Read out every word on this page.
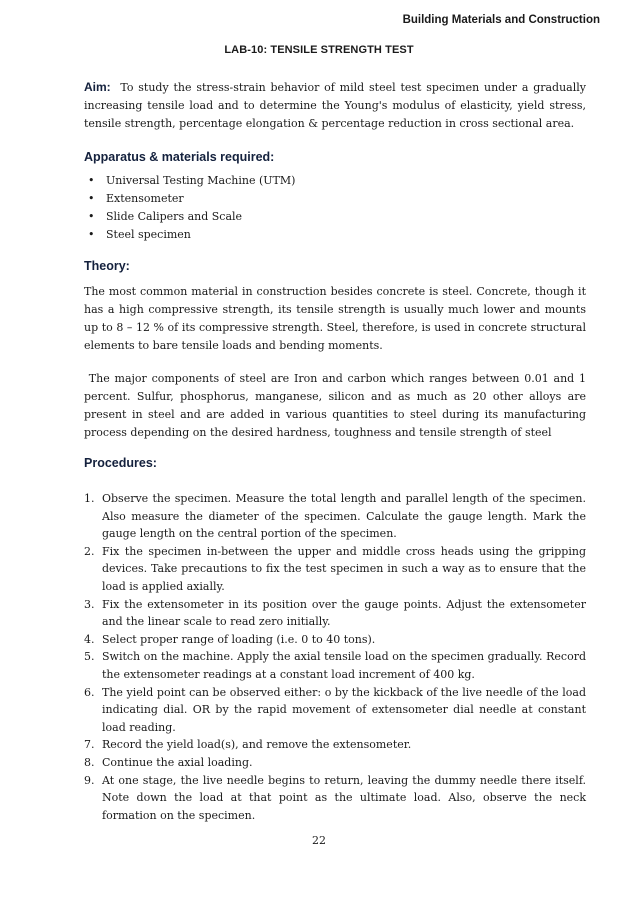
Building Materials and Construction
LAB-10: TENSILE STRENGTH TEST

Aim: To study the stress-strain behavior of mild steel test specimen under a gradually increasing tensile load and to determine the Young's modulus of elasticity, yield stress, tensile strength, percentage elongation & percentage reduction in cross sectional area.

Apparatus & materials required:

• Universal Testing Machine (UTM)
• Extensometer
• Slide Calipers and Scale
• Steel specimen

Theory:

The most common material in construction besides concrete is steel. Concrete, though it has a high compressive strength, its tensile strength is usually much lower and mounts up to 8 – 12 % of its compressive strength. Steel, therefore, is used in concrete structural elements to bare tensile loads and bending moments.

The major components of steel are Iron and carbon which ranges between 0.01 and 1 percent. Sulfur, phosphorus, manganese, silicon and as much as 20 other alloys are present in steel and are added in various quantities to steel during its manufacturing process depending on the desired hardness, toughness and tensile strength of steel

Procedures:

1. Observe the specimen. Measure the total length and parallel length of the specimen. Also measure the diameter of the specimen. Calculate the gauge length. Mark the gauge length on the central portion of the specimen.
2. Fix the specimen in-between the upper and middle cross heads using the gripping devices. Take precautions to fix the test specimen in such a way as to ensure that the load is applied axially.
3. Fix the extensometer in its position over the gauge points. Adjust the extensometer and the linear scale to read zero initially.
4. Select proper range of loading (i.e. 0 to 40 tons).
5. Switch on the machine. Apply the axial tensile load on the specimen gradually. Record the extensometer readings at a constant load increment of 400 kg.
6. The yield point can be observed either: o by the kickback of the live needle of the load indicating dial. OR by the rapid movement of extensometer dial needle at constant load reading.
7. Record the yield load(s), and remove the extensometer.
8. Continue the axial loading.
9. At one stage, the live needle begins to return, leaving the dummy needle there itself. Note down the load at that point as the ultimate load. Also, observe the neck formation on the specimen.
22
